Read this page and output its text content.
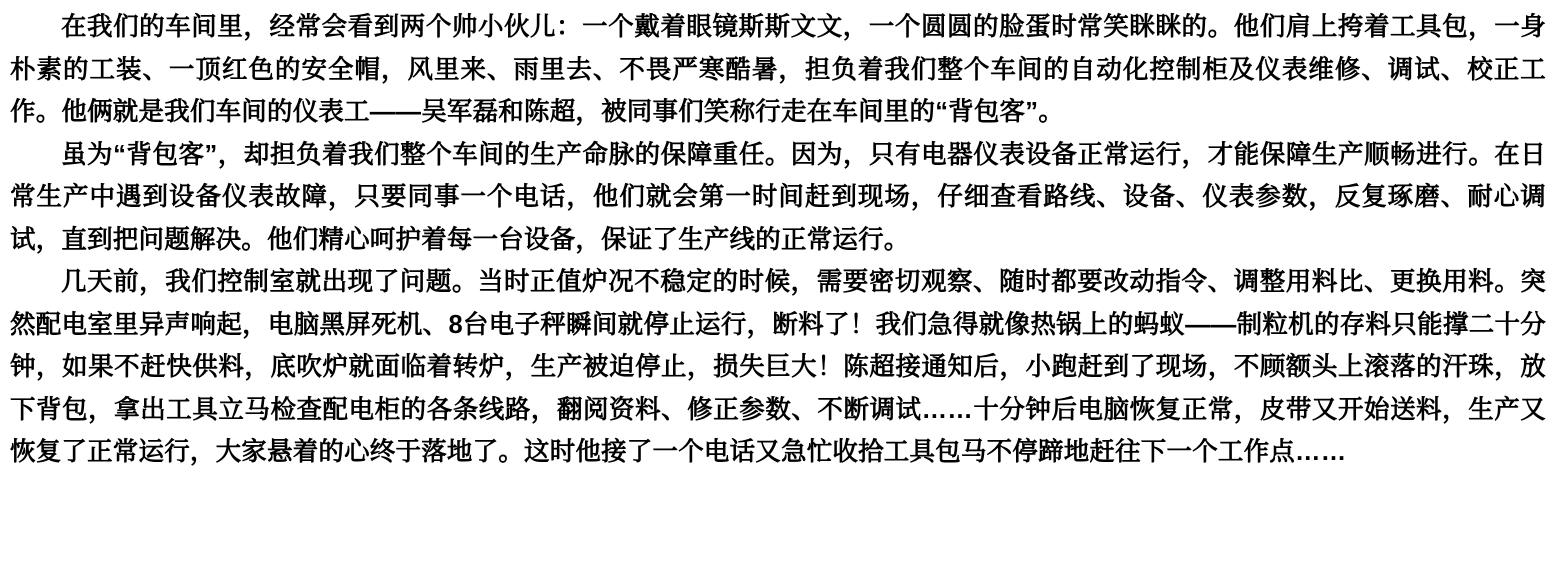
在我们的车间里，经常会看到两个帅小伙儿：一个戴着眼镜斯斯文文，一个圆圆的脸蛋时常笑眯眯的。他们肩上挎着工具包，一身朴素的工装、一顶红色的安全帽，风里来、雨里去、不畏严寒酷暑，担负着我们整个车间的自动化控制柜及仪表维修、调试、校正工作。他俩就是我们车间的仪表工——吴军磊和陈超，被同事们笑称行走在车间里的“背包客”。

虽为“背包客”，却担负着我们整个车间的生产命脉的保障重任。因为，只有电器仪表设备正常运行，才能保障生产顺畅进行。在日常生产中遇到设备仪表故障，只要同事一个电话，他们就会第一时间赶到现场，仔细查看路线、设备、仪表参数，反复琢磨、耐心调试，直到把问题解决。他们精心呵护着每一台设备，保证了生产线的正常运行。

几天前，我们控制室就出现了问题。当时正值炉况不稳定的时候，需要密切观察、随时都要改动指令、调整用料比、更换用料。突然配电室里异声响起，电脑黑屏死机、8台电子秤瞬间就停止运行，断料了！我们急得就像热锅上的蚂蚁——制粒机的存料只能撑二十分钟，如果不赶快供料，底吹炉就面临着转炉，生产被迫停止，损失巨大！陈超接通知后，小跑赶到了现场，不顾额头上滚落的汗珠，放下背包，拿出工具立马检查配电柜的各条线路，翻阅资料、修正参数、不断调试……十分钟后电脑恢复正常，皮带又开始送料，生产又恢复了正常运行，大家悬着的心终于落地了。这时他接了一个电话又急忙收拾工具包马不停蹄地赶往下一个工作点……
